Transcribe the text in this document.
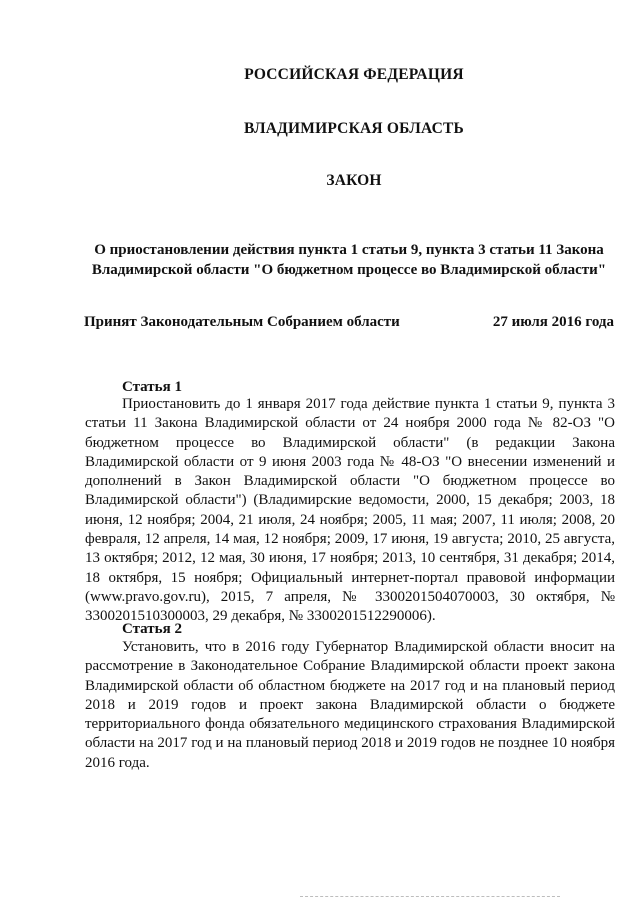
РОССИЙСКАЯ ФЕДЕРАЦИЯ
ВЛАДИМИРСКАЯ ОБЛАСТЬ
ЗАКОН
О приостановлении действия пункта 1 статьи 9, пункта 3 статьи 11 Закона Владимирской области "О бюджетном процессе во Владимирской области"
Принят Законодательным Собранием области	27 июля 2016 года
Статья 1

Приостановить до 1 января 2017 года действие пункта 1 статьи 9, пункта 3 статьи 11 Закона Владимирской области от 24 ноября 2000 года № 82-ОЗ "О бюджетном процессе во Владимирской области" (в редакции Закона Владимирской области от 9 июня 2003 года № 48-ОЗ "О внесении изменений и дополнений в Закон Владимирской области "О бюджетном процессе во Владимирской области") (Владимирские ведомости, 2000, 15 декабря; 2003, 18 июня, 12 ноября; 2004, 21 июля, 24 ноября; 2005, 11 мая; 2007, 11 июля; 2008, 20 февраля, 12 апреля, 14 мая, 12 ноября; 2009, 17 июня, 19 августа; 2010, 25 августа, 13 октября; 2012, 12 мая, 30 июня, 17 ноября; 2013, 10 сентября, 31 декабря; 2014, 18 октября, 15 ноября; Официальный интернет-портал правовой информации (www.pravo.gov.ru), 2015, 7 апреля, № 3300201504070003, 30 октября, № 3300201510300003, 29 декабря, № 3300201512290006).

Статья 2

Установить, что в 2016 году Губернатор Владимирской области вносит на рассмотрение в Законодательное Собрание Владимирской области проект закона Владимирской области об областном бюджете на 2017 год и на плановый период 2018 и 2019 годов и проект закона Владимирской области о бюджете территориального фонда обязательного медицинского страхования Владимирской области на 2017 год и на плановый период 2018 и 2019 годов не позднее 10 ноября 2016 года.
